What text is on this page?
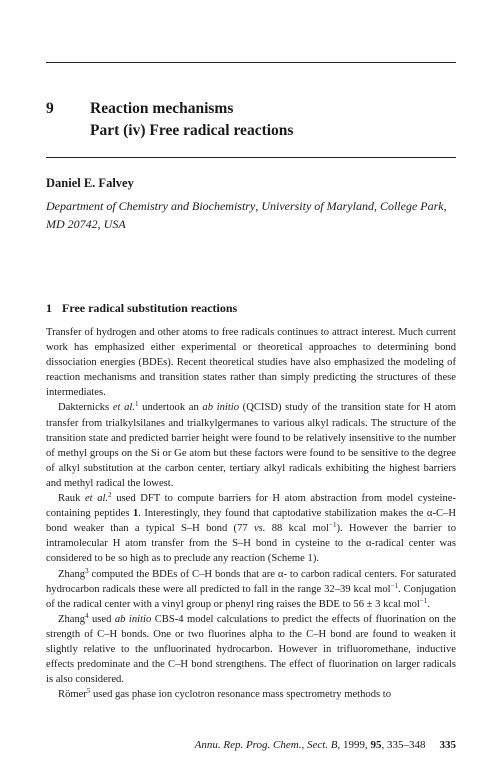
9 Reaction mechanisms
Part (iv) Free radical reactions
Daniel E. Falvey
Department of Chemistry and Biochemistry, University of Maryland, College Park, MD 20742, USA
1 Free radical substitution reactions

Transfer of hydrogen and other atoms to free radicals continues to attract interest. Much current work has emphasized either experimental or theoretical approaches to determining bond dissociation energies (BDEs). Recent theoretical studies have also emphasized the modeling of reaction mechanisms and transition states rather than simply predicting the structures of these intermediates.

Dakternicks et al.$^1$ undertook an ab initio (QCISD) study of the transition state for H atom transfer from trialkylsilanes and trialkylgermanes to various alkyl radicals. The structure of the transition state and predicted barrier height were found to be relatively insensitive to the number of methyl groups on the Si or Ge atom but these factors were found to be sensitive to the degree of alkyl substitution at the carbon center, tertiary alkyl radicals exhibiting the highest barriers and methyl radical the lowest.

Rauk et al.$^2$ used DFT to compute barriers for H atom abstraction from model cysteine-containing peptides 1. Interestingly, they found that captodative stabilization makes the α-C–H bond weaker than a typical S–H bond (77 vs. 88 kcal mol$^{-1}$). However the barrier to intramolecular H atom transfer from the S–H bond in cysteine to the α-radical center was considered to be so high as to preclude any reaction (Scheme 1).

Zhang$^3$ computed the BDEs of C–H bonds that are α- to carbon radical centers. For saturated hydrocarbon radicals these were all predicted to fall in the range 32–39 kcal mol$^{-1}$. Conjugation of the radical center with a vinyl group or phenyl ring raises the BDE to 56 ± 3 kcal mol$^{-1}$.

Zhang$^4$ used ab initio CBS-4 model calculations to predict the effects of fluorination on the strength of C–H bonds. One or two fluorines alpha to the C–H bond are found to weaken it slightly relative to the unfluorinated hydrocarbon. However in trifluoromethane, inductive effects predominate and the C–H bond strengthens. The effect of fluorination on larger radicals is also considered.

Römer$^5$ used gas phase ion cyclotron resonance mass spectrometry methods to

Annu. Rep. Prog. Chem., Sect. B, 1999, 95, 335–348 335
